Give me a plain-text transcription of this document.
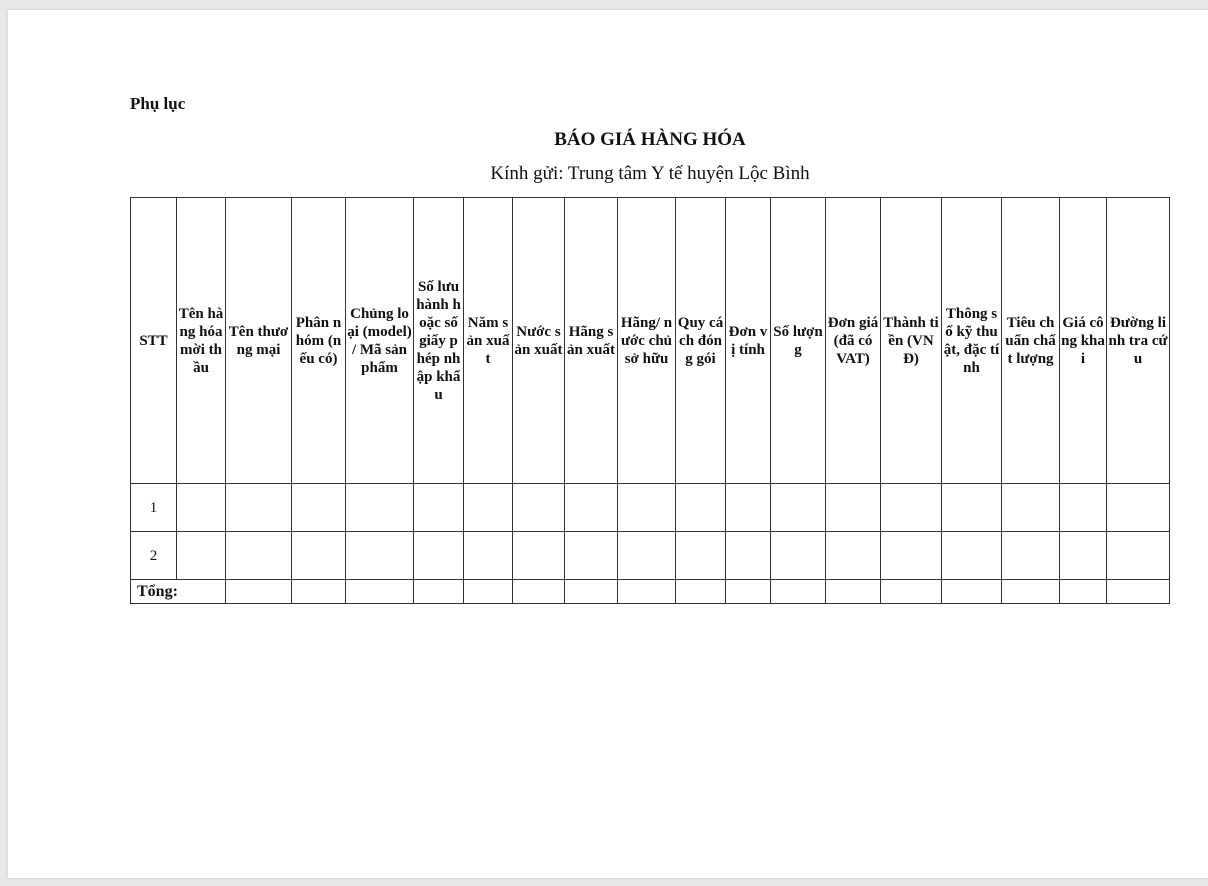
Phụ lục
BÁO GIÁ HÀNG HÓA
Kính gửi: Trung tâm Y tế huyện Lộc Bình
STT	Tên hàng hóa mời thầu	Tên thương mại	Phân nhóm (nếu có)	Chủng loại (model) / Mã sản phẩm	Số lưu hành hoặc số giấy phép nhập khẩu	Năm sản xuất	Nước sản xuất	Hãng sản xuất	Hãng/ nước chủ sở hữu	Quy cách đóng gói	Đơn vị tính	Số lượng	Đơn giá (đã có VAT)	Thành tiền (VNĐ)	Thông số kỹ thuật, đặc tính	Tiêu chuẩn chất lượng	Giá công khai	Đường linh tra cứu
1																		
2																		
Tổng:																		
